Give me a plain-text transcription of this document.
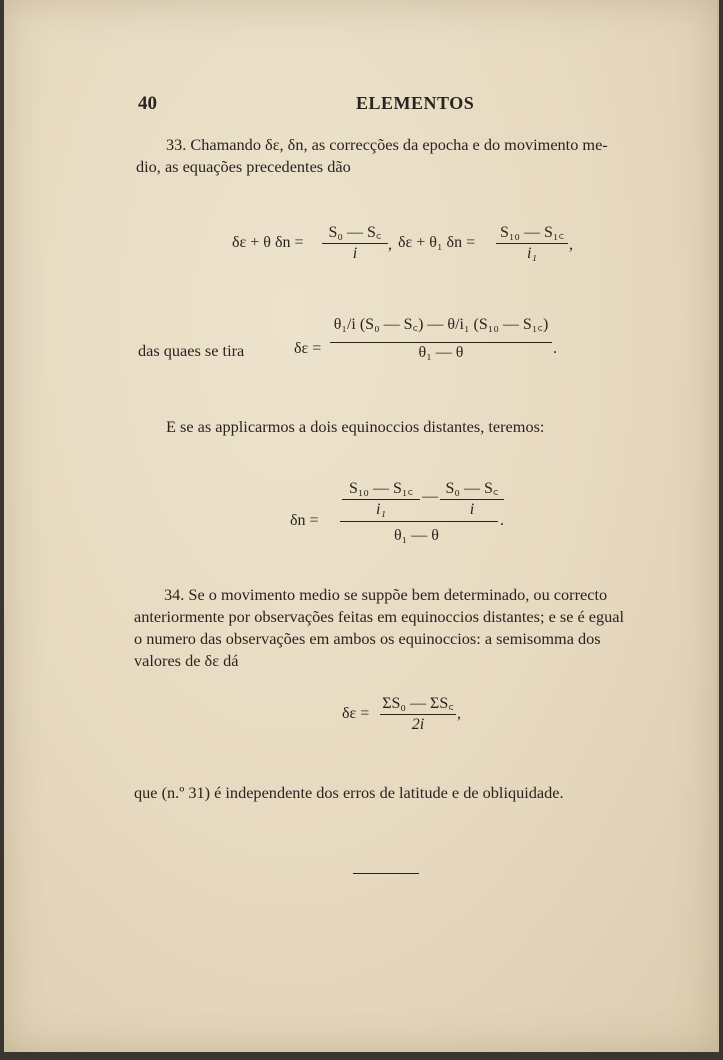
40	ELEMENTOS
33. Chamando δε, δn, as correcções da epocha e do movimento me-
dio, as equações precedentes dão
δε + θ δn =
S₀ — S꜀
i
, δε + θ₁ δn =
S₁₀ — S₁꜀
i₁
,
das quaes se tira	δε =
θ₁/i (S₀ — S꜀) — θ/i₁ (S₁₀ — S₁꜀)
θ₁ — θ	.
E se as applicarmos a dois equinoccios distantes, teremos:
δn =
S₁₀ — S₁꜀
i₁
— S₀ — S꜀
i
θ₁ — θ
.
34. Se o movimento medio se suppõe bem determinado, ou correcto
anteriormente por observações feitas em equinoccios distantes; e se é egual
o numero das observações em ambos os equinoccios: a semisomma dos
valores de δε dá
δε =
ΣS₀ — ΣS꜀
2i
,
que (n.º 31) é independente dos erros de latitude e de obliquidade.
